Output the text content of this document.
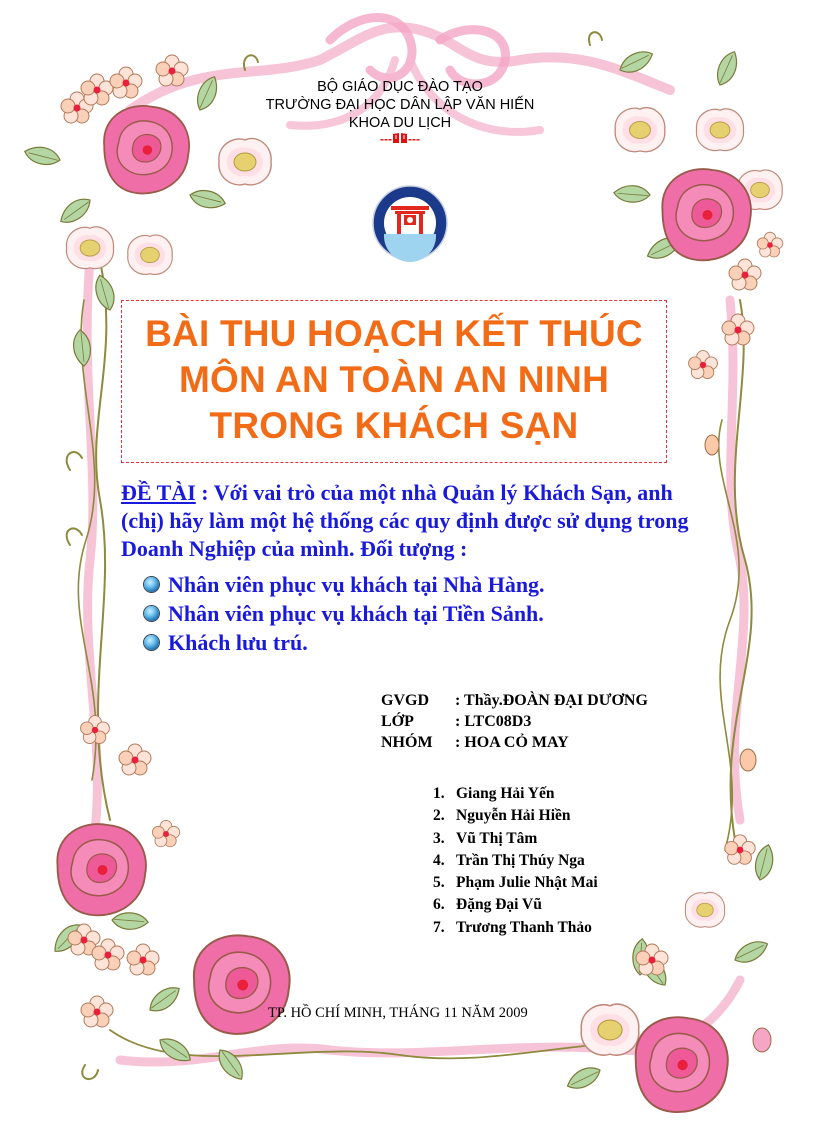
BỘ GIÁO DỤC ĐÀO TẠO
TRƯỜNG ĐẠI HỌC DÂN LẬP VĂN HIẾN
KHOA DU LỊCH
--- ---
BÀI THU HOẠCH KẾT THÚC
MÔN AN TOÀN AN NINH
TRONG KHÁCH SẠN
ĐỀ TÀI : Với vai trò của một nhà Quản lý Khách Sạn, anh (chị) hãy làm một hệ thống các quy định được sử dụng trong Doanh Nghiệp của mình. Đối tượng :
Nhân viên phục vụ khách tại Nhà Hàng.
Nhân viên phục vụ khách tại Tiền Sảnh.
Khách lưu trú.
GVGD	: Thầy.ĐOÀN ĐẠI DƯƠNG
LỚP	: LTC08D3
NHÓM	: HOA CỎ MAY
1. Giang Hải Yến
2. Nguyễn Hải Hiền
3. Vũ Thị Tâm
4. Trần Thị Thúy Nga
5. Phạm Julie Nhật Mai
6. Đặng Đại Vũ
7. Trương Thanh Thảo
TP. HỒ CHÍ MINH, THÁNG 11 NĂM 2009
